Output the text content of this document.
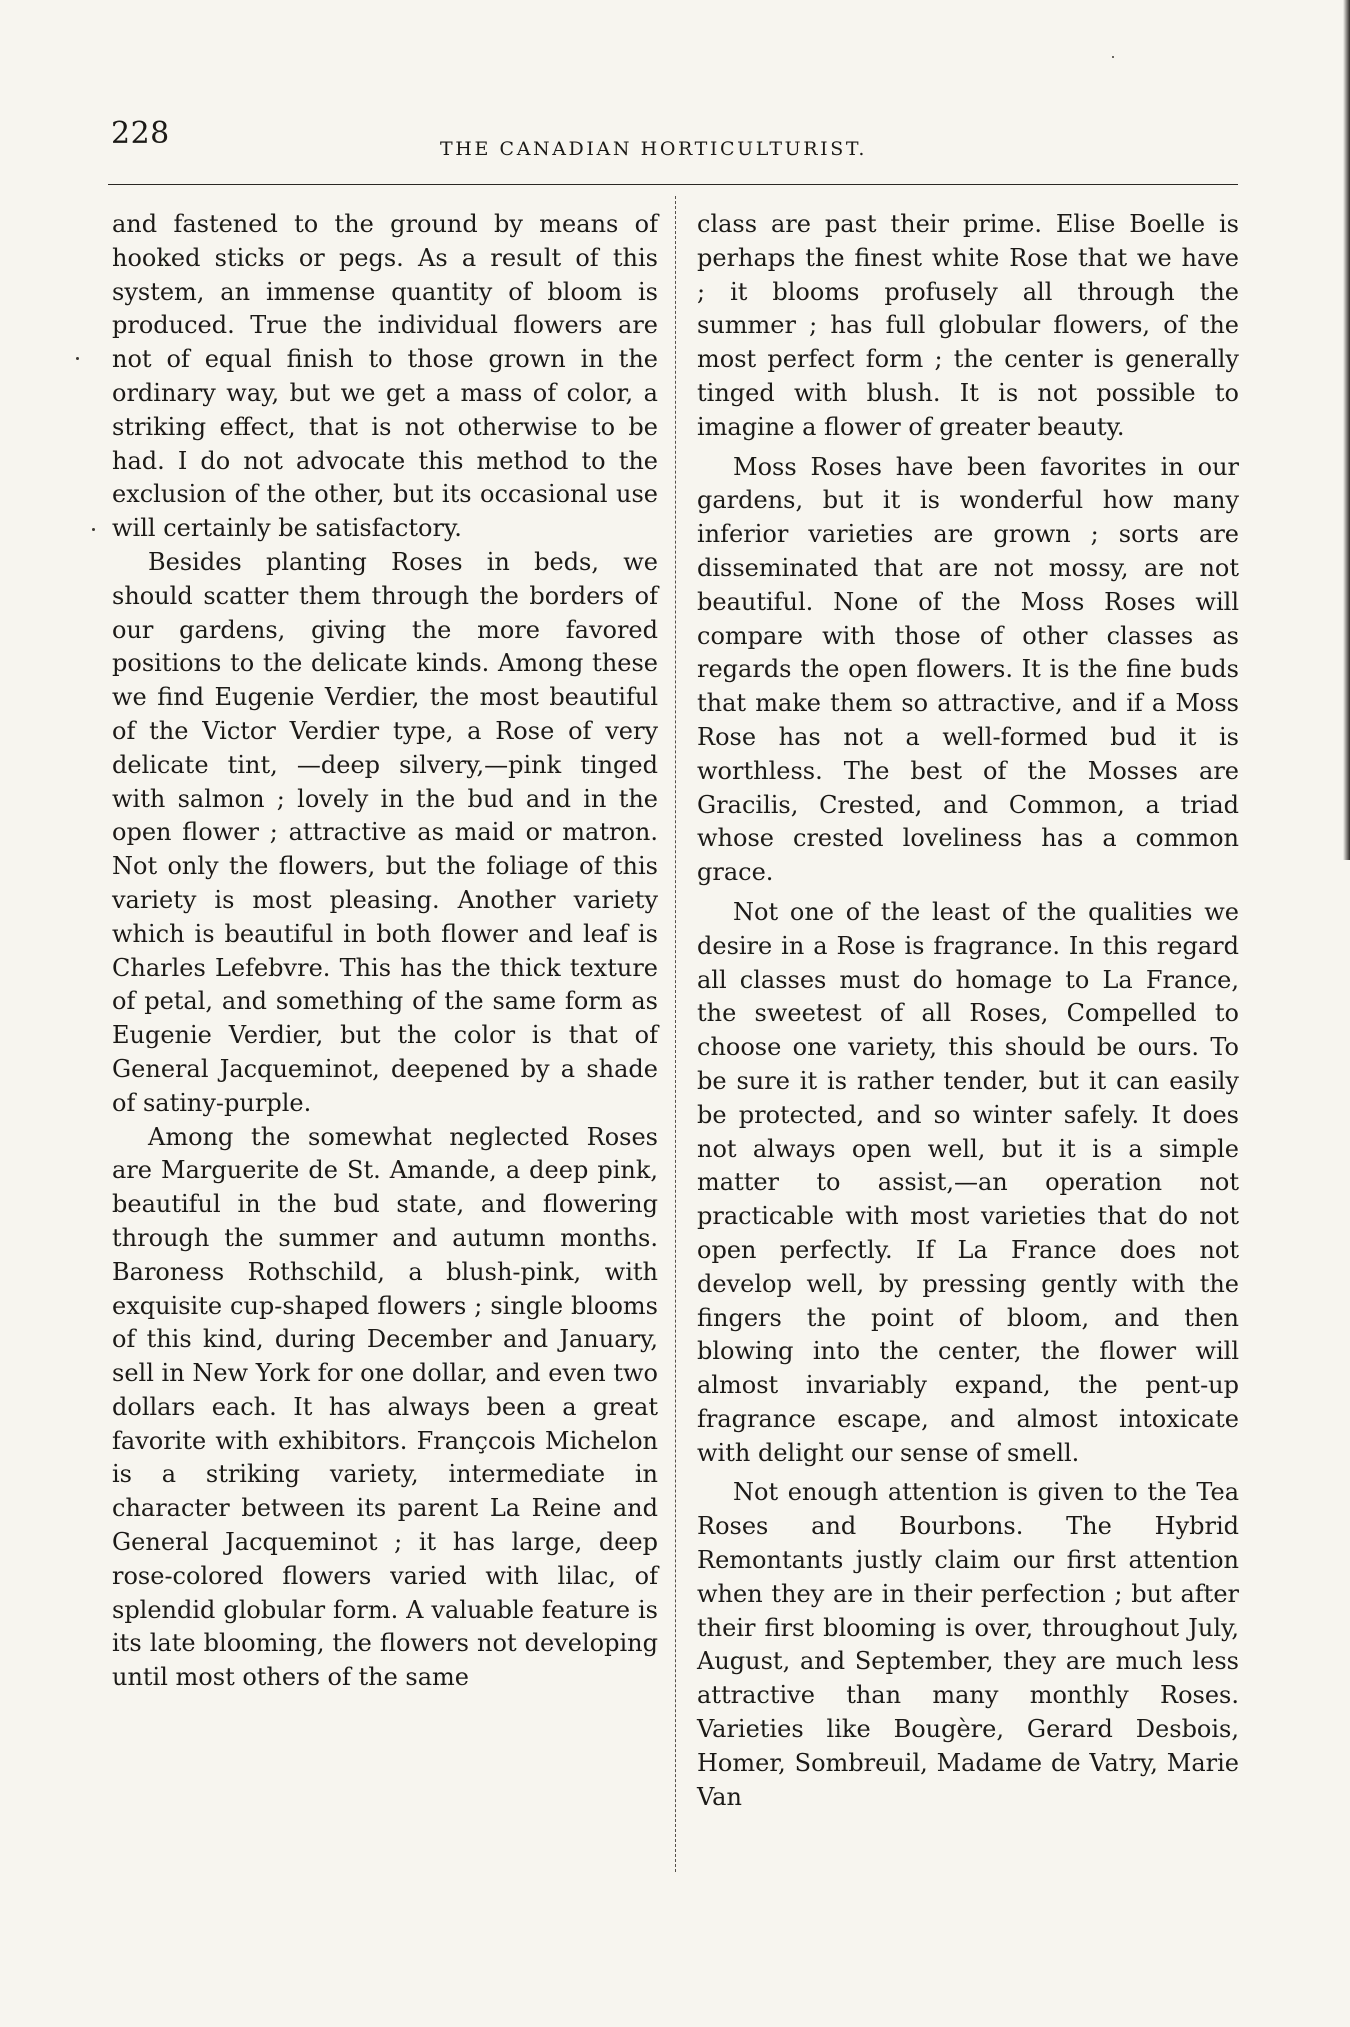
228	THE CANADIAN HORTICULTURIST.

and fastened to the ground by means of hooked sticks or pegs. As a result of this system, an immense quantity of bloom is produced. True the individual flowers are not of equal finish to those grown in the ordinary way, but we get a mass of color, a striking effect, that is not otherwise to be had. I do not advocate this method to the exclusion of the other, but its occasional use will certainly be satisfactory.

Besides planting Roses in beds, we should scatter them through the borders of our gardens, giving the more favored positions to the delicate kinds. Among these we find Eugenie Verdier, the most beautiful of the Victor Verdier type, a Rose of very delicate tint, —deep silvery,—pink tinged with salmon ; lovely in the bud and in the open flower ; attractive as maid or matron. Not only the flowers, but the foliage of this variety is most pleasing. Another variety which is beautiful in both flower and leaf is Charles Lefebvre. This has the thick texture of petal, and something of the same form as Eugenie Verdier, but the color is that of General Jacqueminot, deepened by a shade of satiny-purple.

Among the somewhat neglected Roses are Marguerite de St. Amande, a deep pink, beautiful in the bud state, and flowering through the summer and autumn months. Baroness Rothschild, a blush-pink, with exquisite cup-shaped flowers ; single blooms of this kind, during December and January, sell in New York for one dollar, and even two dollars each. It has always been a great favorite with exhibitors. Françcois Michelon is a striking variety, intermediate in character between its parent La Reine and General Jacqueminot ; it has large, deep rose-colored flowers varied with lilac, of splendid globular form. A valuable feature is its late blooming, the flowers not developing until most others of the same

class are past their prime. Elise Boelle is perhaps the finest white Rose that we have ; it blooms profusely all through the summer ; has full globular flowers, of the most perfect form ; the center is generally tinged with blush. It is not possible to imagine a flower of greater beauty.

Moss Roses have been favorites in our gardens, but it is wonderful how many inferior varieties are grown ; sorts are disseminated that are not mossy, are not beautiful. None of the Moss Roses will compare with those of other classes as regards the open flowers. It is the fine buds that make them so attractive, and if a Moss Rose has not a well-formed bud it is worthless. The best of the Mosses are Gracilis, Crested, and Common, a triad whose crested loveliness has a common grace.

Not one of the least of the qualities we desire in a Rose is fragrance. In this regard all classes must do homage to La France, the sweetest of all Roses, Compelled to choose one variety, this should be ours. To be sure it is rather tender, but it can easily be protected, and so winter safely. It does not always open well, but it is a simple matter to assist,—an operation not practicable with most varieties that do not open perfectly. If La France does not develop well, by pressing gently with the fingers the point of bloom, and then blowing into the center, the flower will almost invariably expand, the pent-up fragrance escape, and almost intoxicate with delight our sense of smell.

Not enough attention is given to the Tea Roses and Bourbons. The Hybrid Remontants justly claim our first attention when they are in their perfection ; but after their first blooming is over, throughout July, August, and September, they are much less attractive than many monthly Roses. Varieties like Bougère, Gerard Desbois, Homer, Sombreuil, Madame de Vatry, Marie Van
